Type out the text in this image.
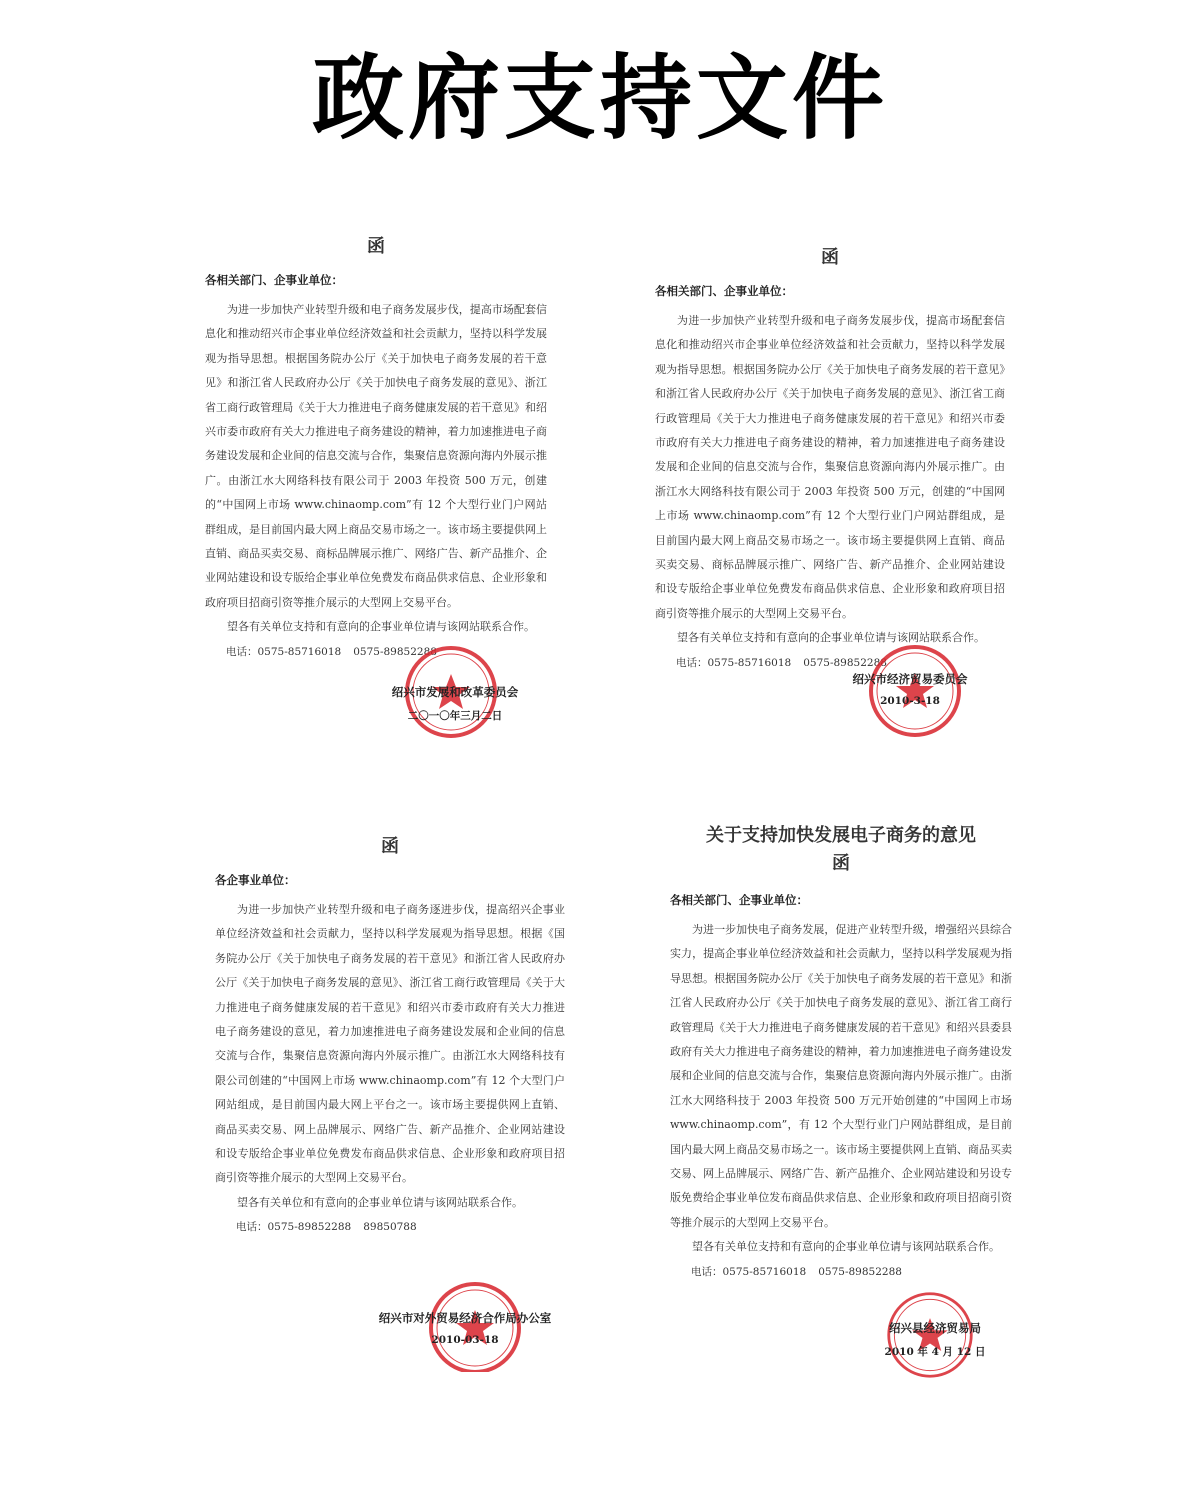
政府支持文件
函
各相关部门、企事业单位：

为进一步加快产业转型升级和电子商务发展步伐，提高市场配套信息化和推动绍兴市企事业单位经济效益和社会贡献力，坚持以科学发展观为指导思想。根据国务院办公厅《关于加快电子商务发展的若干意见》和浙江省人民政府办公厅《关于加快电子商务发展的意见》、浙江省工商行政管理局《关于大力推进电子商务健康发展的若干意见》和绍兴市委市政府有关大力推进电子商务建设的精神，着力加速推进电子商务建设发展和企业间的信息交流与合作，集聚信息资源向海内外展示推广。由浙江水大网络科技有限公司于 2003 年投资 500 万元，创建的“中国网上市场 www.chinaomp.com”有 12 个大型行业门户网站群组成，是目前国内最大网上商品交易市场之一。该市场主要提供网上直销、商品买卖交易、商标品牌展示推广、网络广告、新产品推介、企业网站建设和设专版给企事业单位免费发布商品供求信息、企业形象和政府项目招商引资等推介展示的大型网上交易平台。

望各有关单位支持和有意向的企事业单位请与该网站联系合作。

电话：0575-85716018 0575-89852288
绍兴市发展和改革委员会
二〇一〇年三月二日
函
各相关部门、企事业单位：

为进一步加快产业转型升级和电子商务发展步伐，提高市场配套信息化和推动绍兴市企事业单位经济效益和社会贡献力，坚持以科学发展观为指导思想。根据国务院办公厅《关于加快电子商务发展的若干意见》和浙江省人民政府办公厅《关于加快电子商务发展的意见》、浙江省工商行政管理局《关于大力推进电子商务健康发展的若干意见》和绍兴市委市政府有关大力推进电子商务建设的精神，着力加速推进电子商务建设发展和企业间的信息交流与合作，集聚信息资源向海内外展示推广。由浙江水大网络科技有限公司于 2003 年投资 500 万元，创建的“中国网上市场 www.chinaomp.com”有 12 个大型行业门户网站群组成，是目前国内最大网上商品交易市场之一。该市场主要提供网上直销、商品买卖交易、商标品牌展示推广、网络广告、新产品推介、企业网站建设和设专版给企事业单位免费发布商品供求信息、企业形象和政府项目招商引资等推介展示的大型网上交易平台。

望各有关单位支持和有意向的企事业单位请与该网站联系合作。

电话：0575-85716018 0575-89852288
绍兴市经济贸易委员会
2010-3-18
函
各企事业单位：

为进一步加快产业转型升级和电子商务逐进步伐，提高绍兴企事业单位经济效益和社会贡献力，坚持以科学发展观为指导思想。根据《国务院办公厅《关于加快电子商务发展的若干意见》和浙江省人民政府办公厅《关于加快电子商务发展的意见》、浙江省工商行政管理局《关于大力推进电子商务健康发展的若干意见》和绍兴市委市政府有关大力推进电子商务建设的意见，着力加速推进电子商务建设发展和企业间的信息交流与合作，集聚信息资源向海内外展示推广。由浙江水大网络科技有限公司创建的“中国网上市场 www.chinaomp.com”有 12 个大型门户网站组成，是目前国内最大网上平台之一。该市场主要提供网上直销、商品买卖交易、网上品牌展示、网络广告、新产品推介、企业网站建设和设专版给企事业单位免费发布商品供求信息、企业形象和政府项目招商引资等推介展示的大型网上交易平台。

望各有关单位和有意向的企事业单位请与该网站联系合作。

电话：0575-89852288 89850788
绍兴市对外贸易经济合作局办公室
2010-03-18
关于支持加快发展电子商务的意见
函
各相关部门、企事业单位：

为进一步加快电子商务发展，促进产业转型升级，增强绍兴县综合实力，提高企事业单位经济效益和社会贡献力，坚持以科学发展观为指导思想。根据国务院办公厅《关于加快电子商务发展的若干意见》和浙江省人民政府办公厅《关于加快电子商务发展的意见》、浙江省工商行政管理局《关于大力推进电子商务健康发展的若干意见》和绍兴县委县政府有关大力推进电子商务建设的精神，着力加速推进电子商务建设发展和企业间的信息交流与合作，集聚信息资源向海内外展示推广。由浙江水大网络科技于 2003 年投资 500 万元开始创建的“中国网上市场 www.chinaomp.com”，有 12 个大型行业门户网站群组成，是目前国内最大网上商品交易市场之一。该市场主要提供网上直销、商品买卖交易、网上品牌展示、网络广告、新产品推介、企业网站建设和另设专版免费给企事业单位发布商品供求信息、企业形象和政府项目招商引资等推介展示的大型网上交易平台。

望各有关单位支持和有意向的企事业单位请与该网站联系合作。

电话：0575-85716018 0575-89852288
绍兴县经济贸易局
2010 年 4 月 12 日
